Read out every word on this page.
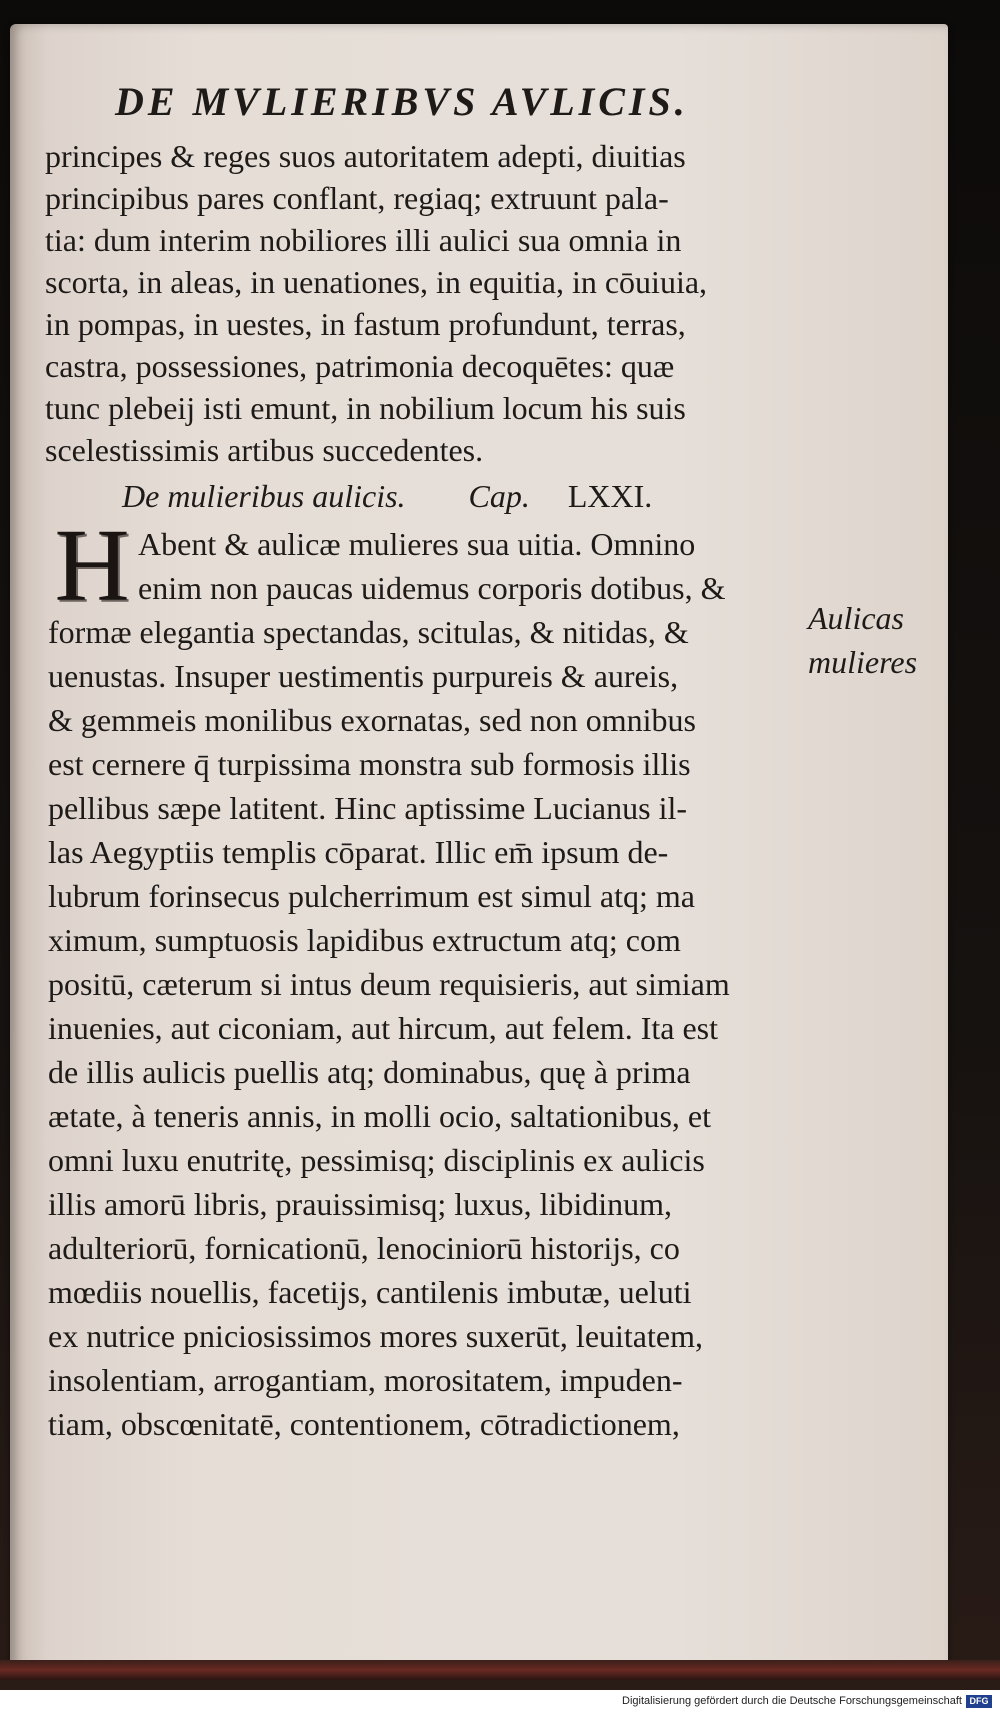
DE MVLIERIBVS AVLICIS.
principes & reges suos autoritatem adepti, diuitias
principibus pares conflant, regiaq; extruunt pala-
tia: dum interim nobiliores illi aulici sua omnia in
scorta, in aleas, in uenationes, in equitia, in cōuiuia,
in pompas, in uestes, in fastum profundunt, terras,
castra, possessiones, patrimonia decoquētes: quæ
tunc plebeij isti emunt, in nobilium locum his suis
scelestissimis artibus succedentes.
De mulieribus aulicis. Cap. LXXI.
H Abent & aulicæ mulieres sua uitia. Omnino
enim non paucas uidemus corporis dotibus, &
formæ elegantia spectandas, scitulas, & nitidas, &
uenustas. Insuper uestimentis purpureis & aureis,
& gemmeis monilibus exornatas, sed non omnibus
est cernere q̄ turpissima monstra sub formosis illis
pellibus sæpe latitent. Hinc aptissime Lucianus il-
las Aegyptiis templis cōparat. Illic em̄ ipsum de-
lubrum forinsecus pulcherrimum est simul atq; ma
ximum, sumptuosis lapidibus extructum atq; com
positū, cæterum si intus deum requisieris, aut simiam
inuenies, aut ciconiam, aut hircum, aut felem. Ita est
de illis aulicis puellis atq; dominabus, quę à prima
ætate, à teneris annis, in molli ocio, saltationibus, et
omni luxu enutritę, pessimisq; disciplinis ex aulicis
illis amorū libris, prauissimisq; luxus, libidinum,
adulteriorū, fornicationū, lenociniorū historijs, co
mœdiis nouellis, facetijs, cantilenis imbutæ, ueluti
ex nutrice pniciosissimos mores suxerūt, leuitatem,
insolentiam, arrogantiam, morositatem, impuden-
tiam, obscœnitatē, contentionem, cōtradictionem,
Aulicas
mulieres
Digitalisierung gefördert durch die Deutsche Forschungsgemeinschaft DFG
